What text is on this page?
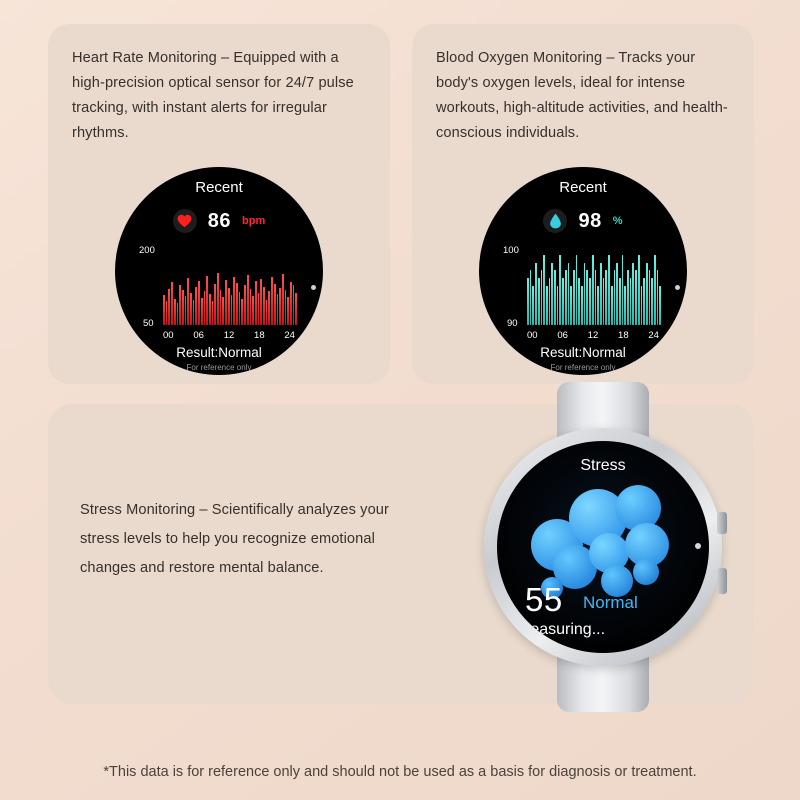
Heart Rate Monitoring – Equipped with a high-precision optical sensor for 24/7 pulse tracking, with instant alerts for irregular rhythms.
Recent
86 bpm
200
50
00 06 12 18 24
Result:Normal
For reference only
Blood Oxygen Monitoring – Tracks your body's oxygen levels, ideal for intense workouts, high-altitude activities, and health-conscious individuals.
Recent
98 %
100
90
00 06 12 18 24
Result:Normal
For reference only
Stress Monitoring – Scientifically analyzes your stress levels to help you recognize emotional changes and restore mental balance.
Stress
55 Normal
Measuring...
*This data is for reference only and should not be used as a basis for diagnosis or treatment.
